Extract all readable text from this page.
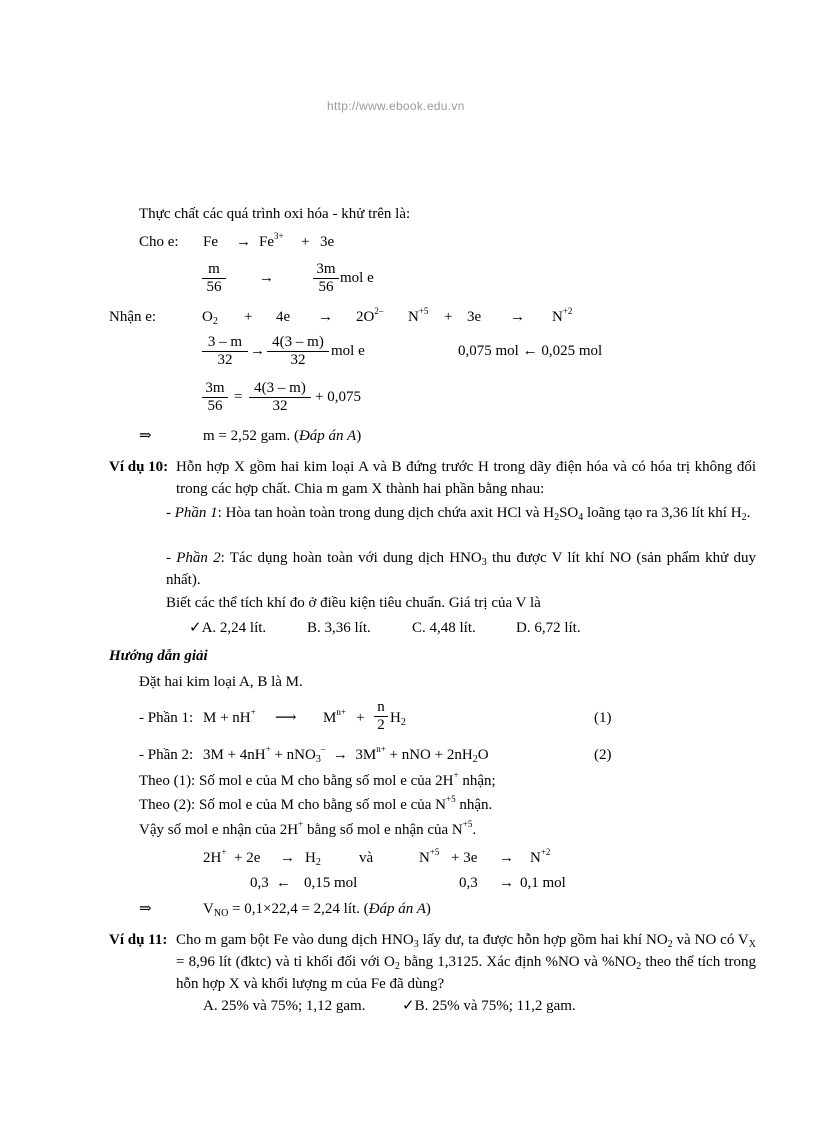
http://www.ebook.edu.vn
Thực chất các quá trình oxi hóa - khử trên là:
Cho e: $Fe \to Fe^{3+} + 3e$
$\frac{m}{56}$ →	$\frac{3m}{56}$ mol e
Nhận e:	$O_2 + 4e \to 2O^{2-}$ $N^{+5} + 3e \to N^{+2}$
$\frac{3 - m}{32} \to \frac{4(3 - m)}{32}$ mol e	0,075 mol ← 0,025 mol
$\frac{3m}{56} = \frac{4(3 - m)}{32} + 0,075$
⇒	m = 2,52 gam. (Đáp án A)
Ví dụ 10: Hỗn hợp X gồm hai kim loại A và B đứng trước H trong dãy điện hóa và có hóa trị không đổi trong các hợp chất. Chia m gam X thành hai phần bằng nhau:
- Phần 1: Hòa tan hoàn toàn trong dung dịch chứa axit HCl và $H_2SO_4$ loãng tạo ra 3,36 lít khí $H_2$.
- Phần 2: Tác dụng hoàn toàn với dung dịch $HNO_3$ thu được V lít khí NO (sản phẩm khử duy nhất).
Biết các thể tích khí đo ở điều kiện tiêu chuẩn. Giá trị của V là
✓A. 2,24 lít.	B. 3,36 lít.	C. 4,48 lít.	D. 6,72 lít.
Hướng dẫn giải
Đặt hai kim loại A, B là M.
- Phần 1: M + nH+ ⟶ $M^{n+} + \frac{n}{2} H_2$	(1)
- Phần 2: $3M + 4nH^+ + nNO_3^- \to 3M^{n+}$ + nNO + $2nH_2O$	(2)
Theo (1): Số mol e của M cho bằng số mol e của 2H+ nhận;
Theo (2): Số mol e của M cho bằng số mol e của $N^{+5}$ nhận.
Vậy số mol e nhận của 2H+ bằng số mol e nhận của $N^{+5}$.
$2H^+ + 2e \to H_2$	và	$N^{+5} + 3e \to N^{+2}$
0,3 ← 0,15 mol	0,3 → 0,1 mol
⇒	$V_{NO} = 0,1\times 22,4 = 2,24$ lít. (Đáp án A)
Ví dụ 11: Cho m gam bột Fe vào dung dịch $HNO_3$ lấy dư, ta được hỗn hợp gồm hai khí $NO_2$ và NO có $V_X = 8,96$ lít (đktc) và tỉ khối đối với $O_2$ bằng 1,3125. Xác định %NO và $\%NO_2$ theo thể tích trong hỗn hợp X và khối lượng m của Fe đã dùng?
A. 25% và 75%; 1,12 gam. ✓B. 25% và 75%; 11,2 gam.
